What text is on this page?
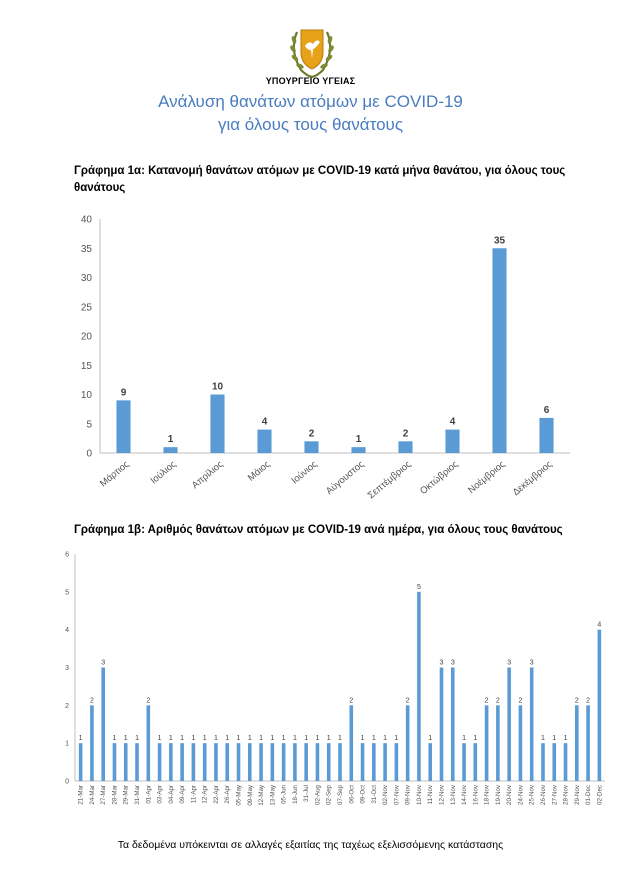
ΥΠΟΥΡΓΕΙΟ ΥΓΕΙΑΣ
Ανάλυση θανάτων ατόμων με COVID-19
για όλους τους θανάτους
Γράφημα 1α: Κατανομή θανάτων ατόμων με COVID-19 κατά μήνα θανάτου, για όλους τους θανάτους
0
5
10
15
20
25
30
35
40
9
Μάρτιος
1
Ιούλιος
10
Απρίλιος
4
Μάιος
2
Ιούνιος
1
Αύγουστος
2
Σεπτέμβριος
4
Οκτώβριος
35
Νοέμβριος
6
Δεκέμβριος
Γράφημα 1β: Αριθμός θανάτων ατόμων με COVID-19 ανά ημέρα, για όλους τους θανάτους
0
1
2
3
4
5
6
1
21-Mar
2
24-Mar
3
27-Mar
1
28-Mar
1
29-Mar
1
31-Mar
2
01-Apr
1
03-Apr
1
04-Apr
1
09-Apr
1
11-Apr
1
12-Apr
1
22-Apr
1
26-Apr
1
05-May
1
09-May
1
12-May
1
13-May
1
05-Jun
1
18-Jun
1
31-Jul
1
02-Aug
1
02-Sep
1
07-Sep
2
06-Oct
1
09-Oct
1
31-Oct
1
02-Nov
1
07-Nov
2
09-Nov
5
10-Nov
1
11-Nov
3
12-Nov
3
13-Nov
1
14-Nov
1
16-Nov
2
18-Nov
2
19-Nov
3
20-Nov
2
24-Nov
3
25-Nov
1
26-Nov
1
27-Nov
1
28-Nov
2
29-Nov
2
01-Dec
4
02-Dec
Τα δεδομένα υπόκεινται σε αλλαγές εξαιτίας της ταχέως εξελισσόμενης κατάστασης
